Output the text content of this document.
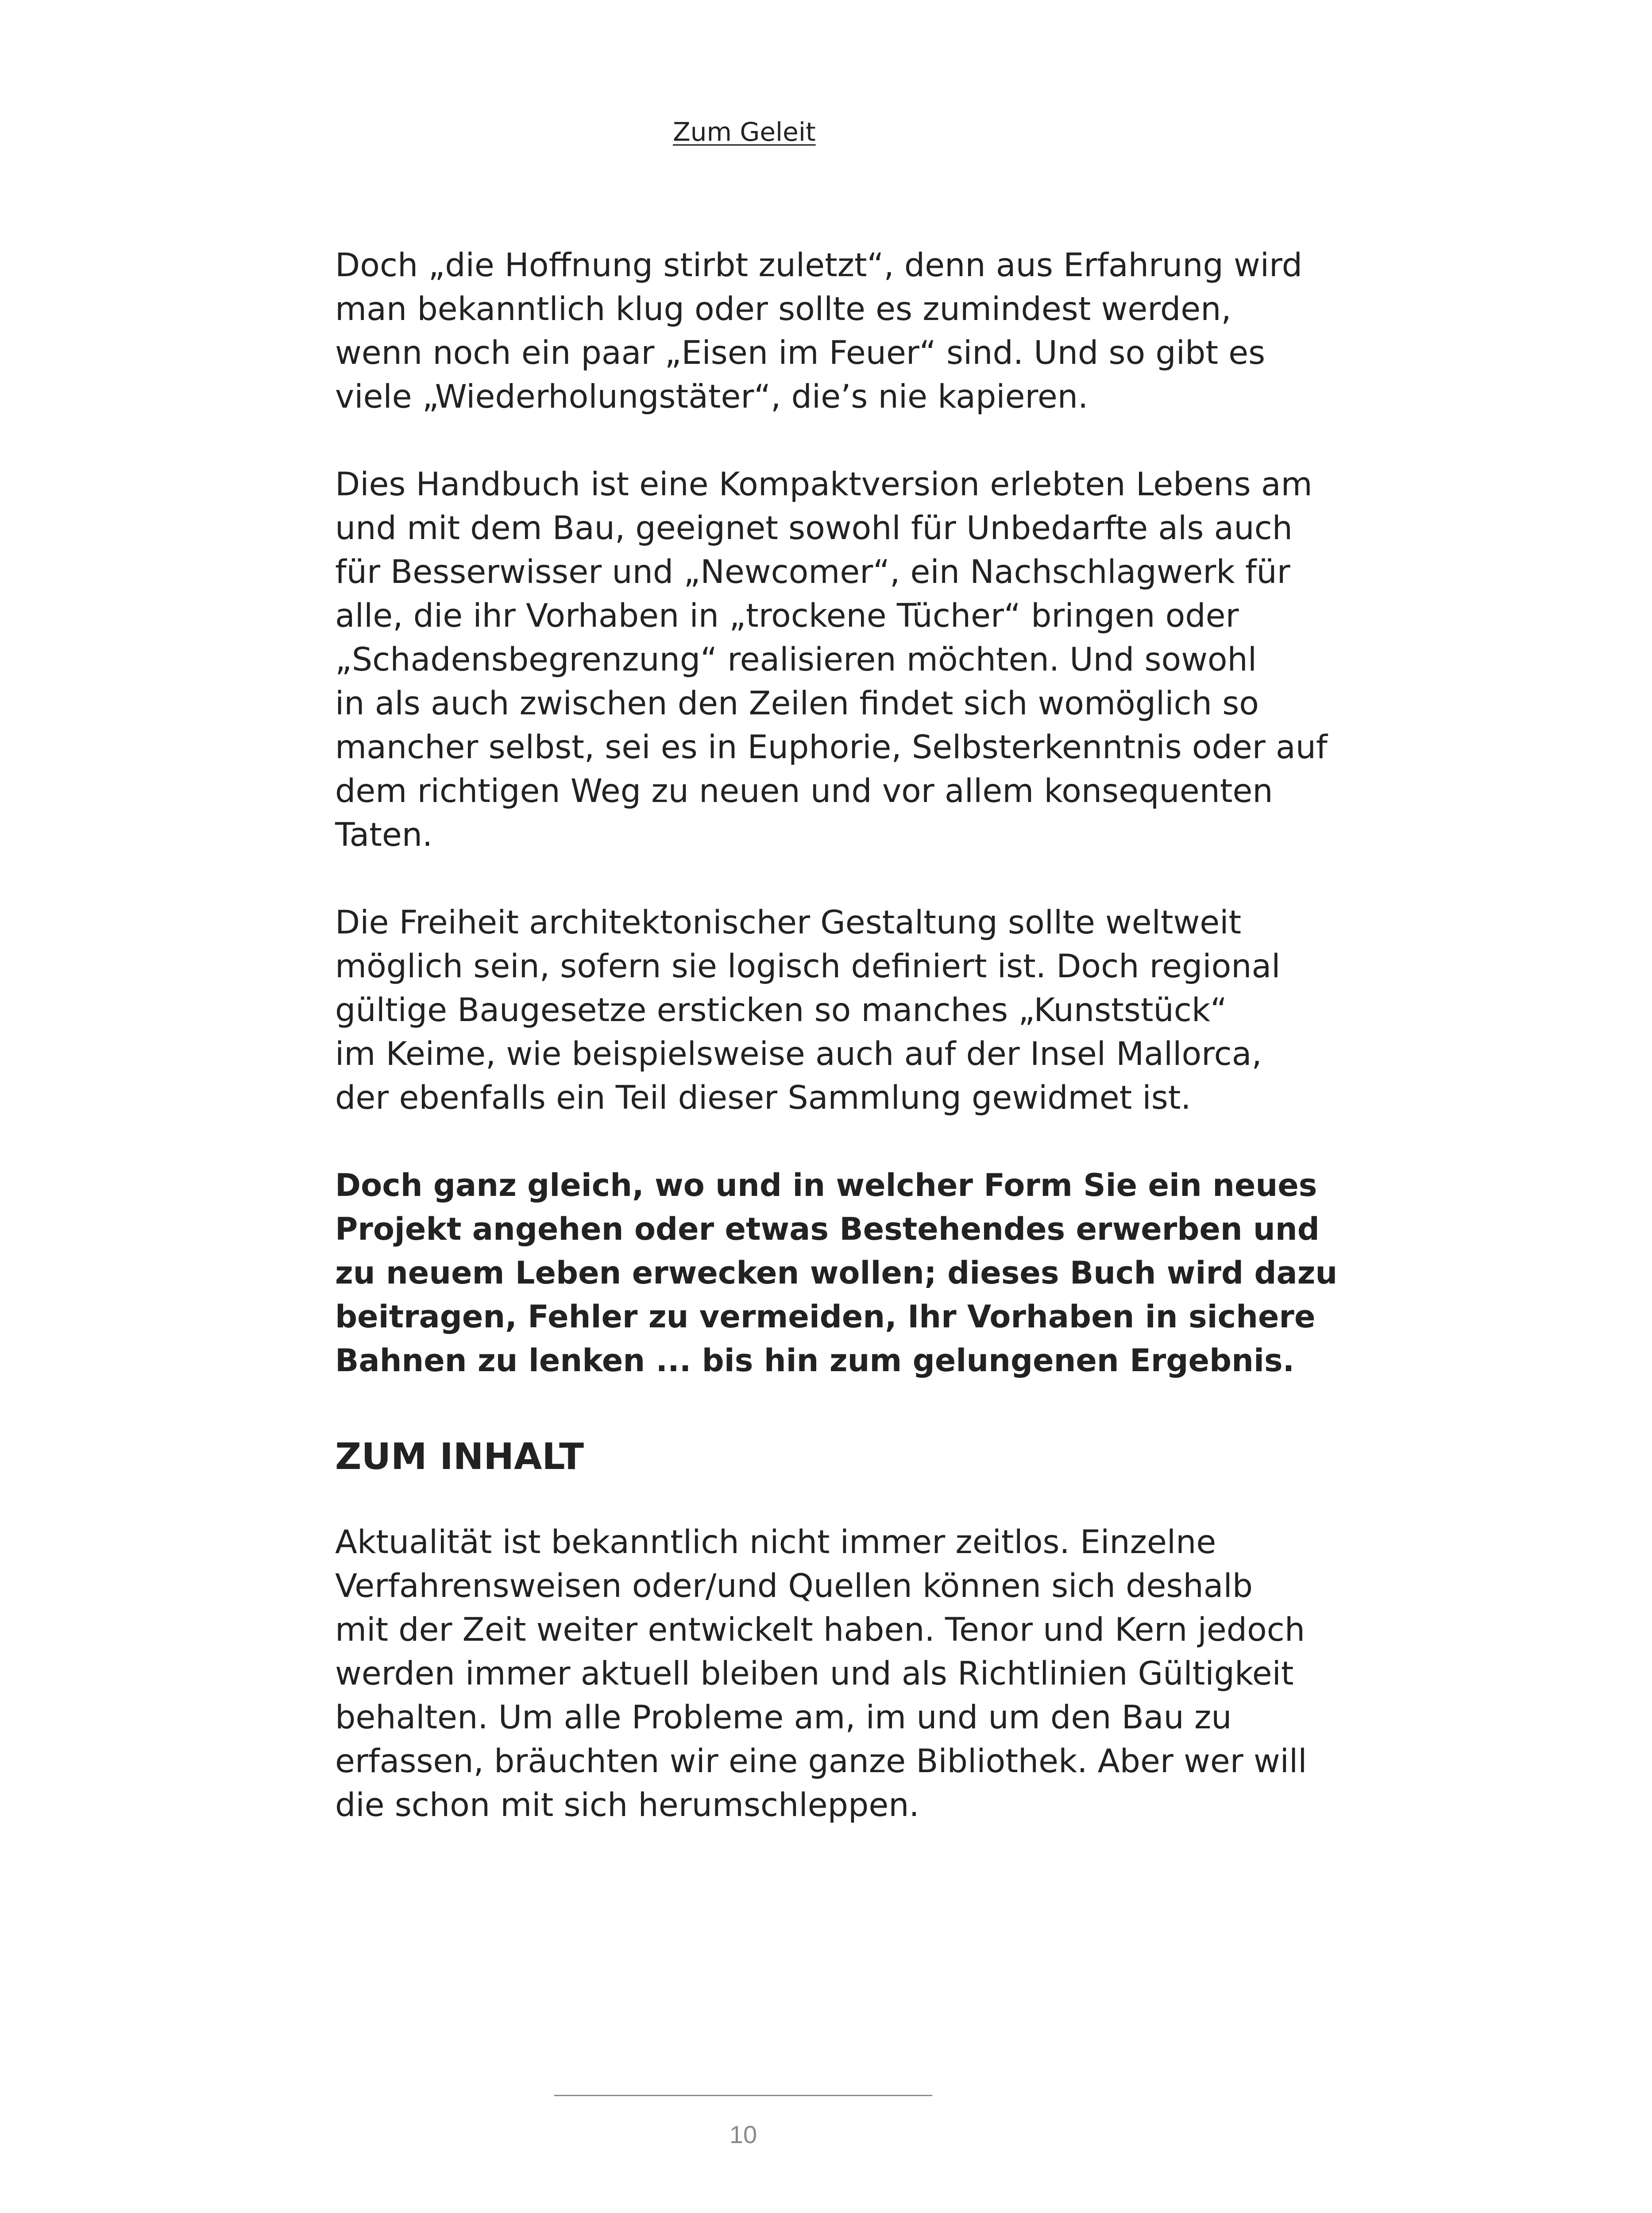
Zum Geleit

Doch „die Hoffnung stirbt zuletzt“, denn aus Erfahrung wird
man bekanntlich klug oder sollte es zumindest werden,
wenn noch ein paar „Eisen im Feuer“ sind. Und so gibt es
viele „Wiederholungstäter“, die’s nie kapieren.

Dies Handbuch ist eine Kompaktversion erlebten Lebens am
und mit dem Bau, geeignet sowohl für Unbedarfte als auch
für Besserwisser und „Newcomer“, ein Nachschlagwerk für
alle, die ihr Vorhaben in „trockene Tücher“ bringen oder
„Schadensbegrenzung“ realisieren möchten. Und sowohl
in als auch zwischen den Zeilen findet sich womöglich so
mancher selbst, sei es in Euphorie, Selbsterkenntnis oder auf
dem richtigen Weg zu neuen und vor allem konsequenten
Taten.

Die Freiheit architektonischer Gestaltung sollte weltweit
möglich sein, sofern sie logisch definiert ist. Doch regional
gültige Baugesetze ersticken so manches „Kunststück“
im Keime, wie beispielsweise auch auf der Insel Mallorca,
der ebenfalls ein Teil dieser Sammlung gewidmet ist.

Doch ganz gleich, wo und in welcher Form Sie ein neues
Projekt angehen oder etwas Bestehendes erwerben und
zu neuem Leben erwecken wollen; dieses Buch wird dazu
beitragen, Fehler zu vermeiden, Ihr Vorhaben in sichere
Bahnen zu lenken ... bis hin zum gelungenen Ergebnis.

ZUM INHALT

Aktualität ist bekanntlich nicht immer zeitlos. Einzelne
Verfahrensweisen oder/und Quellen können sich deshalb
mit der Zeit weiter entwickelt haben. Tenor und Kern jedoch
werden immer aktuell bleiben und als Richtlinien Gültigkeit
behalten. Um alle Probleme am, im und um den Bau zu
erfassen, bräuchten wir eine ganze Bibliothek. Aber wer will
die schon mit sich herumschleppen.

10
